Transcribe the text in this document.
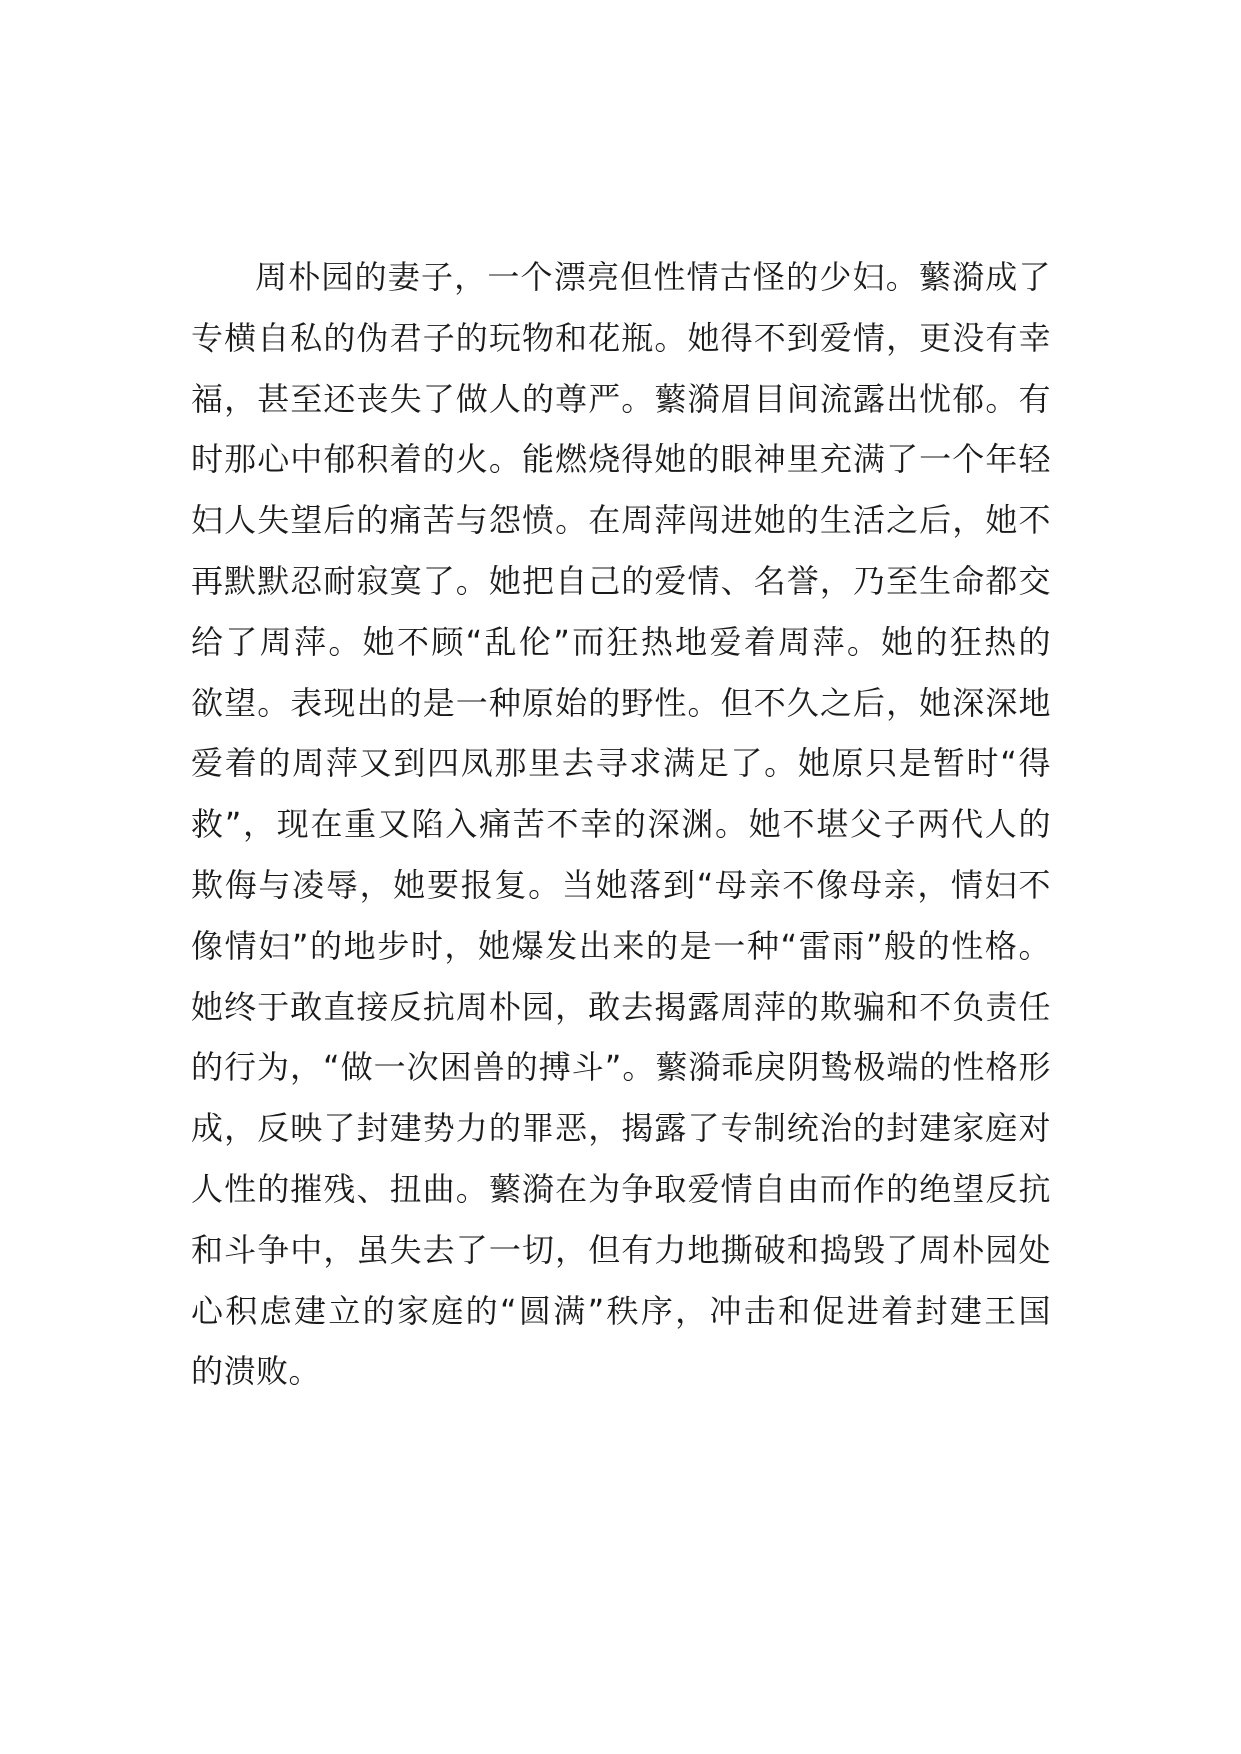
周朴园的妻子，一个漂亮但性情古怪的少妇。蘩漪成了
专横自私的伪君子的玩物和花瓶。她得不到爱情，更没有幸
福，甚至还丧失了做人的尊严。蘩漪眉目间流露出忧郁。有
时那心中郁积着的火。能燃烧得她的眼神里充满了一个年轻
妇人失望后的痛苦与怨愤。在周萍闯进她的生活之后，她不
再默默忍耐寂寞了。她把自己的爱情、名誉，乃至生命都交
给了周萍。她不顾“乱伦”而狂热地爱着周萍。她的狂热的
欲望。表现出的是一种原始的野性。但不久之后，她深深地
爱着的周萍又到四凤那里去寻求满足了。她原只是暂时“得
救”，现在重又陷入痛苦不幸的深渊。她不堪父子两代人的
欺侮与凌辱，她要报复。当她落到“母亲不像母亲，情妇不
像情妇”的地步时，她爆发出来的是一种“雷雨”般的性格。
她终于敢直接反抗周朴园，敢去揭露周萍的欺骗和不负责任
的行为，“做一次困兽的搏斗”。蘩漪乖戾阴鸷极端的性格形
成，反映了封建势力的罪恶，揭露了专制统治的封建家庭对
人性的摧残、扭曲。蘩漪在为争取爱情自由而作的绝望反抗
和斗争中，虽失去了一切，但有力地撕破和捣毁了周朴园处
心积虑建立的家庭的“圆满”秩序，冲击和促进着封建王国
的溃败。
